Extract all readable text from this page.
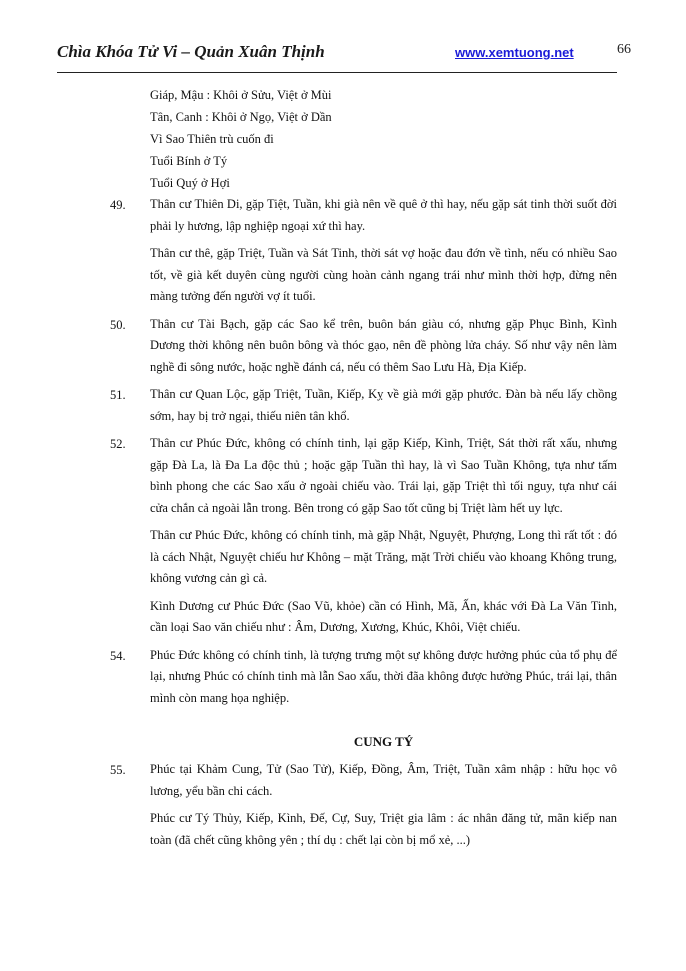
Chìa Khóa Tử Vi – Quản Xuân Thịnh	www.xemtuong.net	66

Giáp, Mậu : Khôi ở Sửu, Việt ở Mùi

Tân, Canh : Khôi ở Ngọ, Việt ở Dần

Vì Sao Thiên trù cuốn đi

Tuổi Bính ở Tý

Tuổi Quý ở Hợi

49. Thân cư Thiên Di, gặp Tiệt, Tuần, khi già nên về quê ở thì hay, nếu gặp sát tinh thời suốt đời phải ly hương, lập nghiệp ngoại xứ thì hay.

Thân cư thê, gặp Triệt, Tuần và Sát Tinh, thời sát vợ hoặc đau đớn về tình, nếu có nhiều Sao tốt, về già kết duyên cùng người cùng hoàn cảnh ngang trái như mình thời hợp, đừng nên màng tưởng đến người vợ ít tuổi.

50. Thân cư Tài Bạch, gặp các Sao kể trên, buôn bán giàu có, nhưng gặp Phục Bình, Kình Dương thời không nên buôn bông và thóc gạo, nên đề phòng lửa cháy. Số như vậy nên làm nghề đi sông nước, hoặc nghề đánh cá, nếu có thêm Sao Lưu Hà, Địa Kiếp.

51. Thân cư Quan Lộc, gặp Triệt, Tuần, Kiếp, Kỵ về già mới gặp phước. Đàn bà nếu lấy chồng sớm, hay bị trở ngại, thiếu niên tân khổ.

52. Thân cư Phúc Đức, không có chính tinh, lại gặp Kiếp, Kình, Triệt, Sát thời rất xấu, nhưng gặp Đà La, là Đa La độc thủ ; hoặc gặp Tuần thì hay, là vì Sao Tuần Không, tựa như tấm bình phong che các Sao xấu ở ngoài chiếu vào. Trái lại, gặp Triệt thì tối nguy, tựa như cái cửa chắn cả ngoài lẫn trong. Bên trong có gặp Sao tốt cũng bị Triệt làm hết uy lực.

Thân cư Phúc Đức, không có chính tinh, mà gặp Nhật, Nguyệt, Phượng, Long thì rất tốt : đó là cách Nhật, Nguyệt chiếu hư Không – mặt Trăng, mặt Trời chiếu vào khoang Không trung, không vương cản gì cả.

Kình Dương cư Phúc Đức (Sao Vũ, khỏe) cần có Hình, Mã, Ấn, khác với Đà La Văn Tinh, cần loại Sao văn chiếu như : Âm, Dương, Xương, Khúc, Khôi, Việt chiếu.

54. Phúc Đức không có chính tinh, là tượng trưng một sự không được hưởng phúc của tổ phụ để lại, nhưng Phúc có chính tinh mà lẫn Sao xấu, thời đãa không được hưởng Phúc, trái lại, thân mình còn mang họa nghiệp.

CUNG TÝ
55. Phúc tại Khảm Cung, Tử (Sao Tử), Kiếp, Đồng, Âm, Triệt, Tuần xâm nhập : hữu học vô lương, yểu bần chi cách.

Phúc cư Tý Thủy, Kiếp, Kình, Đế, Cự, Suy, Triệt gia lâm : ác nhân đăng tử, mãn kiếp nan toàn (đã chết cũng không yên ; thí dụ : chết lại còn bị mổ xẻ, ...)
